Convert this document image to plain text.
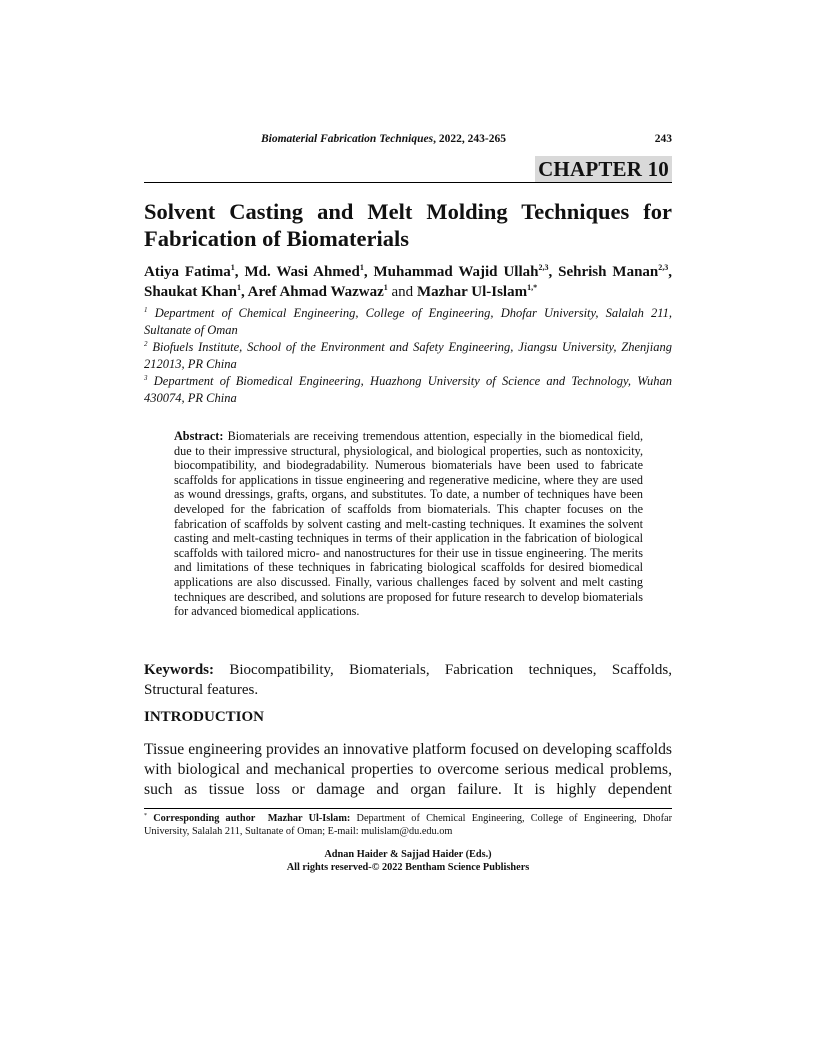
Biomaterial Fabrication Techniques, 2022, 243-265	243
CHAPTER 10
Solvent Casting and Melt Molding Techniques for Fabrication of Biomaterials

Atiya Fatima$^1$, Md. Wasi Ahmed$^1$, Muhammad Wajid Ullah$^{2,3}$, Sehrish Manan$^{2,3}$, Shaukat Khan$^1$, Aref Ahmad Wazwaz$^1$ and Mazhar Ul-Islam$^{1,*}$

$^1$ Department of Chemical Engineering, College of Engineering, Dhofar University, Salalah 211, Sultanate of Oman

$^2$ Biofuels Institute, School of the Environment and Safety Engineering, Jiangsu University, Zhenjiang 212013, PR China

$^3$ Department of Biomedical Engineering, Huazhong University of Science and Technology, Wuhan 430074, PR China

Abstract: Biomaterials are receiving tremendous attention, especially in the biomedical field, due to their impressive structural, physiological, and biological properties, such as nontoxicity, biocompatibility, and biodegradability. Numerous biomaterials have been used to fabricate scaffolds for applications in tissue engineering and regenerative medicine, where they are used as wound dressings, grafts, organs, and substitutes. To date, a number of techniques have been developed for the fabrication of scaffolds from biomaterials. This chapter focuses on the fabrication of scaffolds by solvent casting and melt-casting techniques. It examines the solvent casting and melt-casting techniques in terms of their application in the fabrication of biological scaffolds with tailored micro- and nanostructures for their use in tissue engineering. The merits and limitations of these techniques in fabricating biological scaffolds for desired biomedical applications are also discussed. Finally, various challenges faced by solvent and melt casting techniques are described, and solutions are proposed for future research to develop biomaterials for advanced biomedical applications.

Keywords: Biocompatibility, Biomaterials, Fabrication techniques, Scaffolds, Structural features.

INTRODUCTION

Tissue engineering provides an innovative platform focused on developing scaffolds with biological and mechanical properties to overcome serious medical problems, such as tissue loss or damage and organ failure. It is highly dependent

* Corresponding author Mazhar Ul-Islam: Department of Chemical Engineering, College of Engineering, Dhofar University, Salalah 211, Sultanate of Oman; E-mail: mulislam@du.edu.om

Adnan Haider & Sajjad Haider (Eds.)
All rights reserved-© 2022 Bentham Science Publishers
